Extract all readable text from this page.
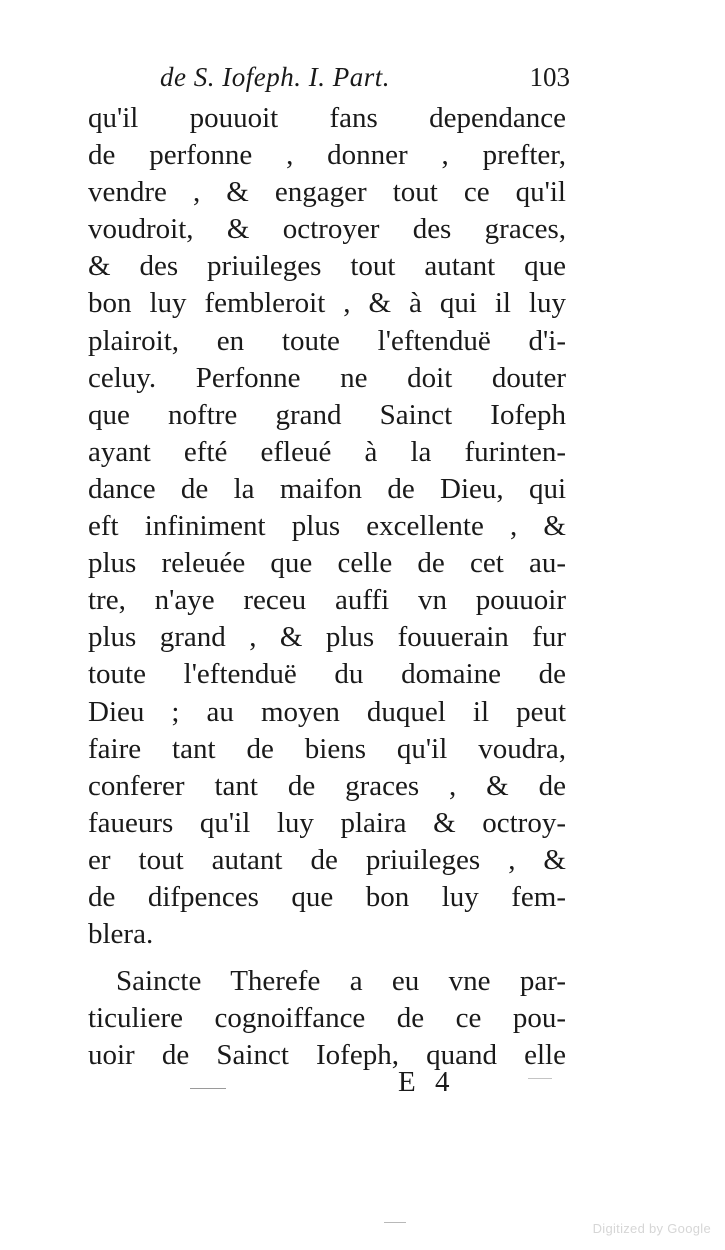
de S. Iofeph. I. Part.	103
qu'il pouuoit fans dependance
de perfonne , donner , prefter,
vendre , & engager tout ce qu'il
voudroit, & octroyer des graces,
& des priuileges tout autant que
bon luy fembleroit , & à qui il luy
plairoit, en toute l'eftenduë d'i-
celuy. Perfonne ne doit douter
que noftre grand Sainct Iofeph
ayant efté efleué à la furinten-
dance de la maifon de Dieu, qui
eft infiniment plus excellente , &
plus releuée que celle de cet au-
tre, n'aye receu auffi vn pouuoir
plus grand , & plus fouuerain fur
toute l'eftenduë du domaine de
Dieu ; au moyen duquel il peut
faire tant de biens qu'il voudra,
conferer tant de graces , & de
faueurs qu'il luy plaira & octroy-
er tout autant de priuileges , &
de difpences que bon luy fem-
blera.
Saincte Therefe a eu vne par-
ticuliere cognoiffance de ce pou-
uoir de Sainct Iofeph, quand elle
E 4
Digitized by Google
